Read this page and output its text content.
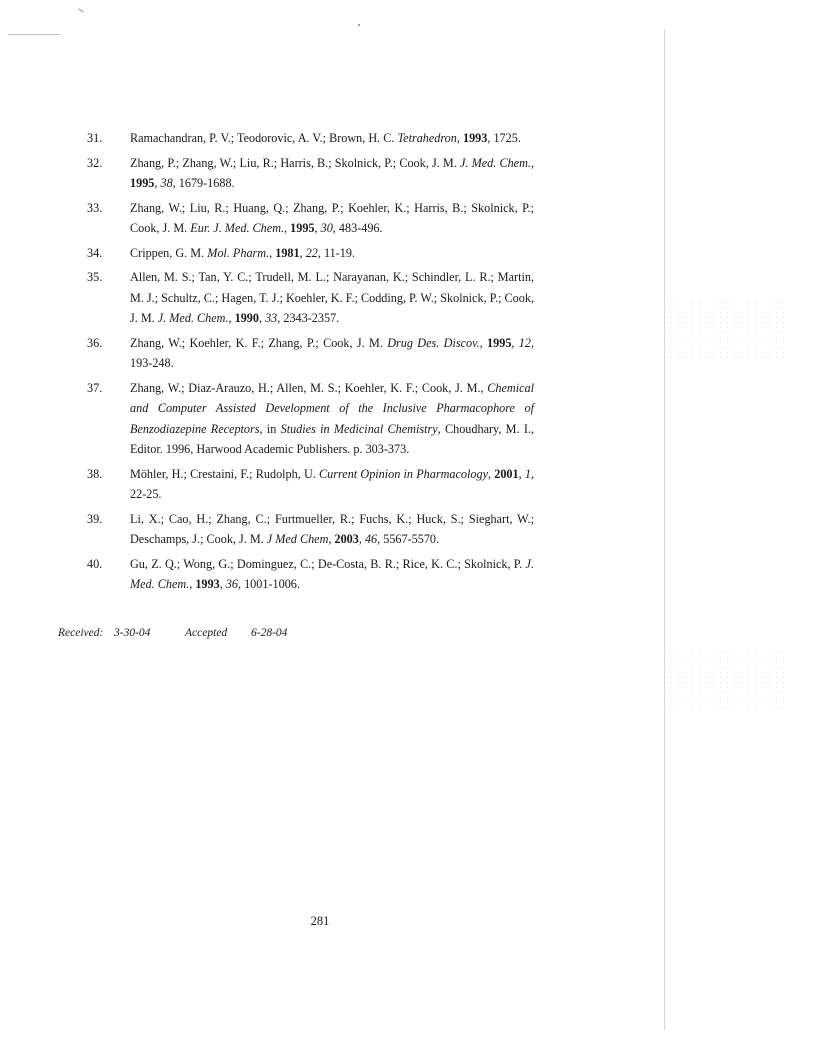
31. Ramachandran, P. V.; Teodorovic, A. V.; Brown, H. C. Tetrahedron, 1993, 1725.
32. Zhang, P.; Zhang, W.; Liu, R.; Harris, B.; Skolnick, P.; Cook, J. M. J. Med. Chem., 1995, 38, 1679-1688.
33. Zhang, W.; Liu, R.; Huang, Q.; Zhang, P.; Koehler, K.; Harris, B.; Skolnick, P.; Cook, J. M. Eur. J. Med. Chem., 1995, 30, 483-496.
34. Crippen, G. M. Mol. Pharm., 1981, 22, 11-19.
35. Allen, M. S.; Tan, Y. C.; Trudell, M. L.; Narayanan, K.; Schindler, L. R.; Martin, M. J.; Schultz, C.; Hagen, T. J.; Koehler, K. F.; Codding, P. W.; Skolnick, P.; Cook, J. M. J. Med. Chem., 1990, 33, 2343-2357.
36. Zhang, W.; Koehler, K. F.; Zhang, P.; Cook, J. M. Drug Des. Discov., 1995, 12, 193-248.
37. Zhang, W.; Diaz-Arauzo, H.; Allen, M. S.; Koehler, K. F.; Cook, J. M., Chemical and Computer Assisted Development of the Inclusive Pharmacophore of Benzodiazepine Receptors, in Studies in Medicinal Chemistry, Choudhary, M. I., Editor. 1996, Harwood Academic Publishers. p. 303-373.
38. Möhler, H.; Crestaini, F.; Rudolph, U. Current Opinion in Pharmacology, 2001, 1, 22-25.
39. Li, X.; Cao, H.; Zhang, C.; Furtmueller, R.; Fuchs, K.; Huck, S.; Sieghart, W.; Deschamps, J.; Cook, J. M. J Med Chem, 2003, 46, 5567-5570.
40. Gu, Z. Q.; Wong, G.; Dominguez, C.; De-Costa, B. R.; Rice, K. C.; Skolnick, P. J. Med. Chem., 1993, 36, 1001-1006.
Received: 3-30-04	Accepted 6-28-04
281
